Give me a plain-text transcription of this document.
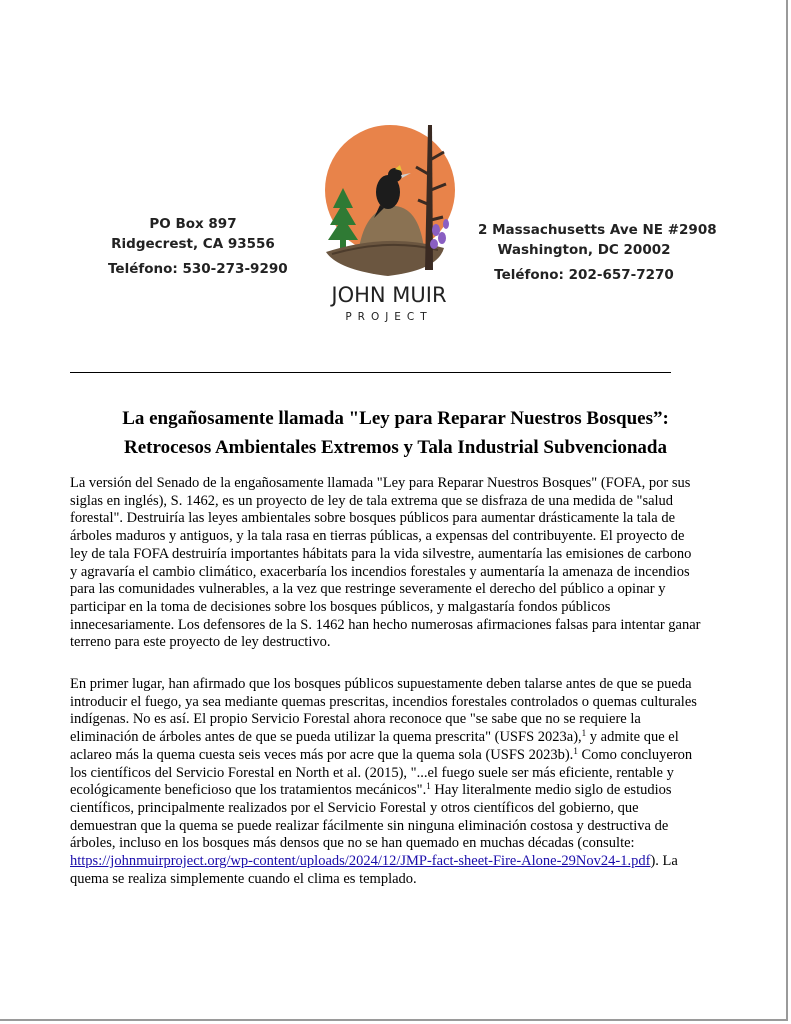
PO Box 897
Ridgecrest, CA 93556
Teléfono: 530-273-9290
JOHN MUIR
PROJECT
2 Massachusetts Ave NE #2908
Washington, DC 20002
Teléfono: 202-657-7270
La engañosamente llamada "Ley para Reparar Nuestros Bosques”:
Retrocesos Ambientales Extremos y Tala Industrial Subvencionada

La versión del Senado de la engañosamente llamada "Ley para Reparar Nuestros Bosques" (FOFA, por sus
siglas en inglés), S. 1462, es un proyecto de ley de tala extrema que se disfraza de una medida de "salud
forestal". Destruiría las leyes ambientales sobre bosques públicos para aumentar drásticamente la tala de
árboles maduros y antiguos, y la tala rasa en tierras públicas, a expensas del contribuyente. El proyecto de
ley de tala FOFA destruiría importantes hábitats para la vida silvestre, aumentaría las emisiones de carbono
y agravaría el cambio climático, exacerbaría los incendios forestales y aumentaría la amenaza de incendios
para las comunidades vulnerables, a la vez que restringe severamente el derecho del público a opinar y
participar en la toma de decisiones sobre los bosques públicos, y malgastaría fondos públicos
innecesariamente. Los defensores de la S. 1462 han hecho numerosas afirmaciones falsas para intentar ganar
terreno para este proyecto de ley destructivo.

En primer lugar, han afirmado que los bosques públicos supuestamente deben talarse antes de que se pueda
introducir el fuego, ya sea mediante quemas prescritas, incendios forestales controlados o quemas culturales
indígenas. No es así. El propio Servicio Forestal ahora reconoce que "se sabe que no se requiere la
eliminación de árboles antes de que se pueda utilizar la quema prescrita" (USFS 2023a),$^1$ y admite que el
aclareo más la quema cuesta seis veces más por acre que la quema sola (USFS 2023b).$^1$ Como concluyeron
los científicos del Servicio Forestal en North et al. (2015), "...el fuego suele ser más eficiente, rentable y
ecológicamente beneficioso que los tratamientos mecánicos".$^1$ Hay literalmente medio siglo de estudios
científicos, principalmente realizados por el Servicio Forestal y otros científicos del gobierno, que
demuestran que la quema se puede realizar fácilmente sin ninguna eliminación costosa y destructiva de
árboles, incluso en los bosques más densos que no se han quemado en muchas décadas (consulte:
https://johnmuirproject.org/wp-content/uploads/2024/12/JMP-fact-sheet-Fire-Alone-29Nov24-1.pdf). La
quema se realiza simplemente cuando el clima es templado.
